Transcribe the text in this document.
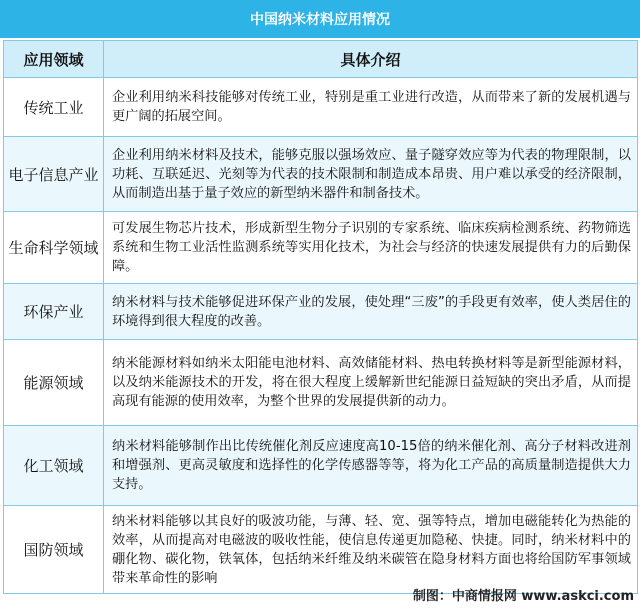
中国纳米材料应用情况
应用领域	具体介绍
传统工业	企业利用纳米科技能够对传统工业，特别是重工业进行改造，从而带来了新的发展机遇与更广阔的拓展空间。
电子信息产业	企业利用纳米材料及技术，能够克服以强场效应、量子隧穿效应等为代表的物理限制，以功耗、互联延迟、光刻等为代表的技术限制和制造成本昂贵、用户难以承受的经济限制，从而制造出基于量子效应的新型纳米器件和制备技术。
生命科学领域	可发展生物芯片技术，形成新型生物分子识别的专家系统、临床疾病检测系统、药物筛选系统和生物工业活性监测系统等实用化技术，为社会与经济的快速发展提供有力的后勤保障。
环保产业	纳米材料与技术能够促进环保产业的发展，使处理“三废”的手段更有效率，使人类居住的环境得到很大程度的改善。
能源领域	纳米能源材料如纳米太阳能电池材料、高效储能材料、热电转换材料等是新型能源材料，以及纳米能源技术的开发，将在很大程度上缓解新世纪能源日益短缺的突出矛盾，从而提高现有能源的使用效率，为整个世界的发展提供新的动力。
化工领域	纳米材料能够制作出比传统催化剂反应速度高10-15倍的纳米催化剂、高分子材料改进剂和增强剂、更高灵敏度和选择性的化学传感器等等，将为化工产品的高质量制造提供大力支持。
国防领域	纳米材料能够以其良好的吸波功能，与薄、轻、宽、强等特点，增加电磁能转化为热能的效率，从而提高对电磁波的吸收性能，使信息传递更加隐秘、快捷。同时，纳米材料中的硼化物、碳化物，铁氧体，包括纳米纤维及纳米碳管在隐身材料方面也将给国防军事领域带来革命性的影响
制图：中商情报网 www.askci.com
